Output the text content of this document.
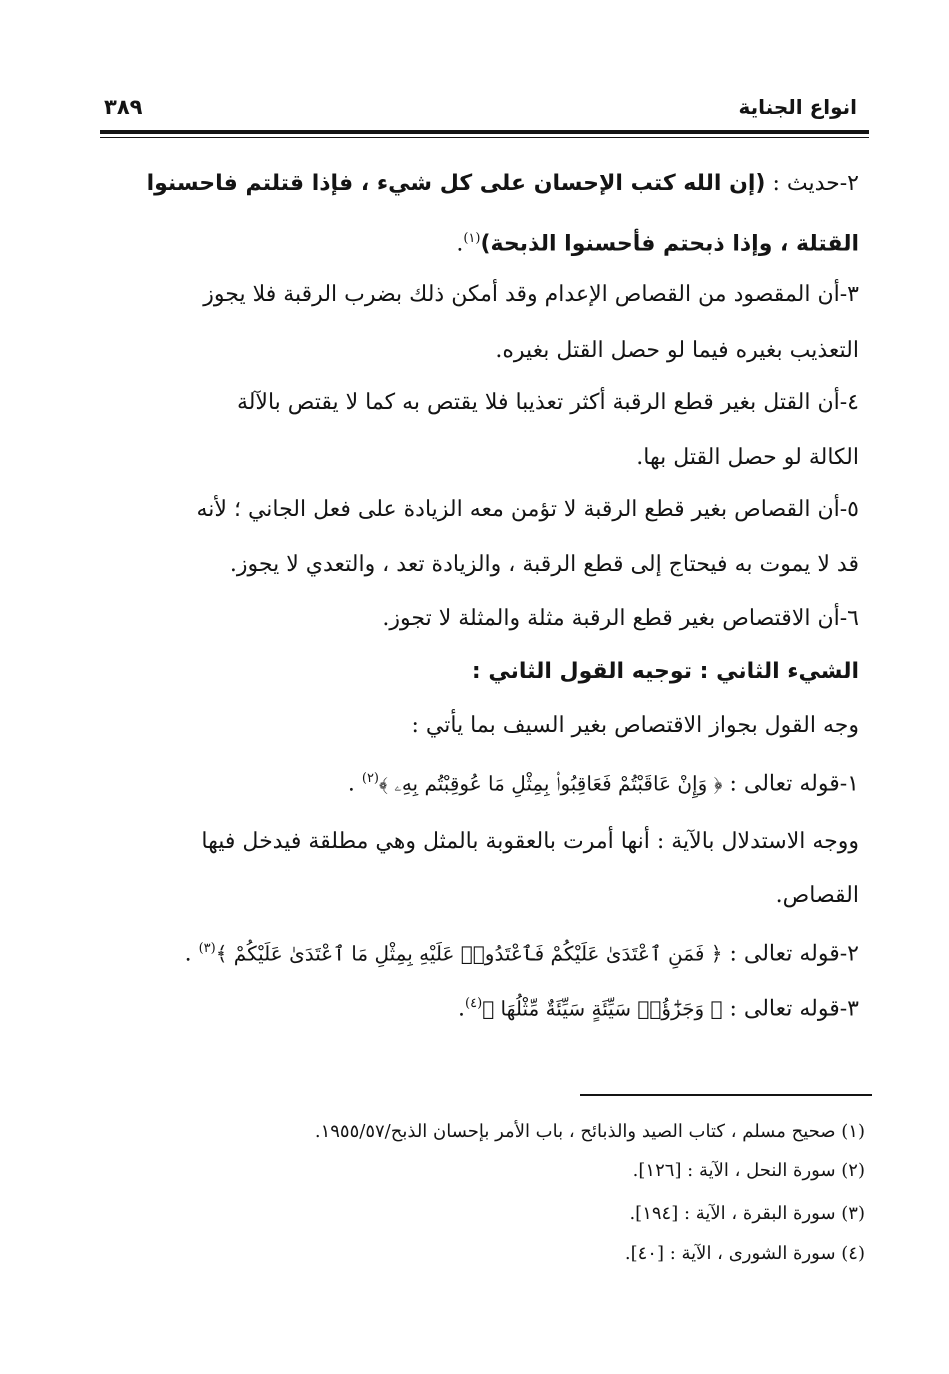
انواع الجناية
٣٨٩
٢-حديث : (إن الله كتب الإحسان على كل شيء ، فإذا قتلتم فاحسنوا
القتلة ، وإذا ذبحتم فأحسنوا الذبحة)$^{(١)}$.
٣-أن المقصود من القصاص الإعدام وقد أمكن ذلك بضرب الرقبة فلا يجوز
التعذيب بغيره فيما لو حصل القتل بغيره.
٤-أن القتل بغير قطع الرقبة أكثر تعذيبا فلا يقتص به كما لا يقتص بالآلة
الكالة لو حصل القتل بها.
٥-أن القصاص بغير قطع الرقبة لا تؤمن معه الزيادة على فعل الجاني ؛ لأنه
قد لا يموت به فيحتاج إلى قطع الرقبة ، والزيادة تعد ، والتعدي لا يجوز.
٦-أن الاقتصاص بغير قطع الرقبة مثلة والمثلة لا تجوز.
الشيء الثاني : توجيه القول الثاني :
وجه القول بجواز الاقتصاص بغير السيف بما يأتي :
١-قوله تعالى : ﴿ وَإِنْ عَاقَبْتُمْ فَعَاقِبُوا۟ بِمِثْلِ مَا عُوقِبْتُم بِهِۦ ﴾$^{(٢)}$ .
ووجه الاستدلال بالآية : أنها أمرت بالعقوبة بالمثل وهي مطلقة فيدخل فيها
القصاص.
٢-قوله تعالى : ﴿ فَمَنِ ٱعْتَدَىٰ عَلَيْكُمْ فَٱعْتَدُوا۟ عَلَيْهِ بِمِثْلِ مَا ٱعْتَدَىٰ عَلَيْكُمْ ﴾$^{(٣)}$ .
٣-قوله تعالى : ﴿ وَجَزَٰٓؤُا۟ سَيِّئَةٍ سَيِّئَةٌ مِّثْلُهَا ﴾$^{(٤)}$.
(١) صحيح مسلم ، كتاب الصيد والذبائح ، باب الأمر بإحسان الذبح/١٩٥٥/٥٧.
(٢) سورة النحل ، الآية : [١٢٦].
(٣) سورة البقرة ، الآية : [١٩٤].
(٤) سورة الشورى ، الآية : [٤٠].
